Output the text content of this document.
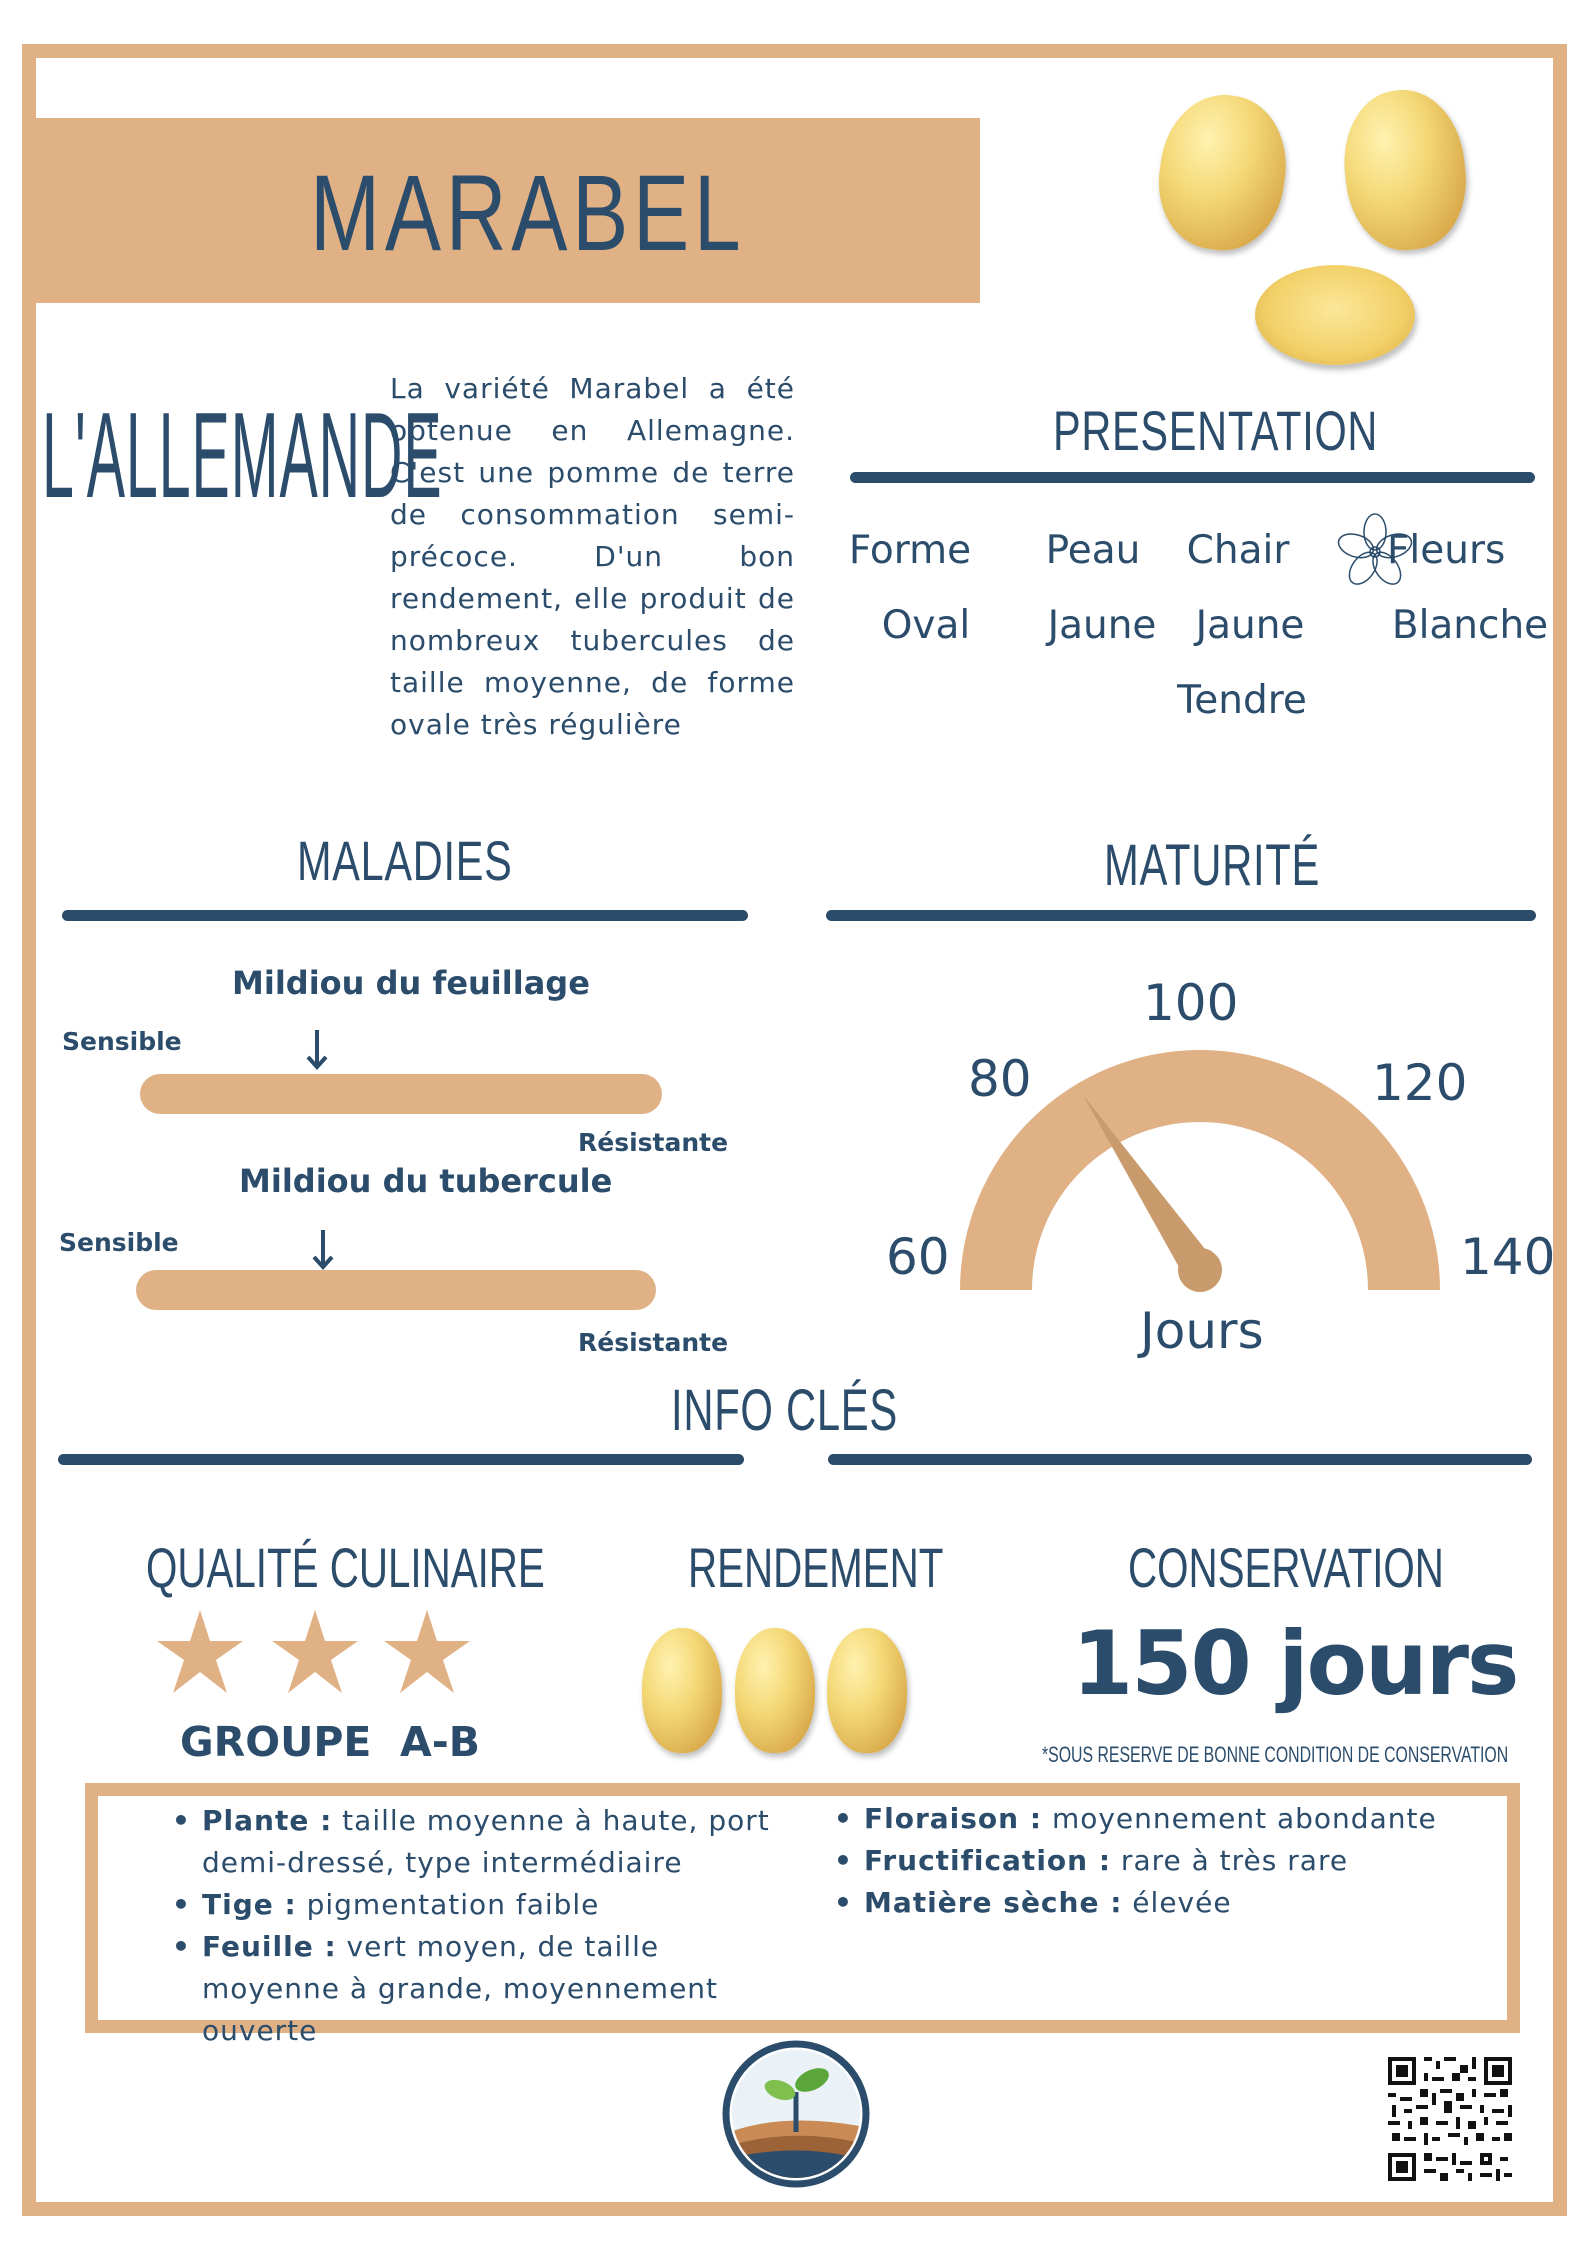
MARABEL
L'ALLEMANDE
La variété Marabel a été obtenue en Allemagne. C'est une pomme de terre de consommation semi-précoce. D'un bon rendement, elle produit de nombreux tubercules de taille moyenne, de forme ovale très régulière
PRESENTATION
Forme
Oval
Peau
Jaune
Chair
Jaune
Tendre
Fleurs
Blanche
MALADIES
Mildiou du feuillage
Sensible
Résistante
Mildiou du tubercule
Sensible
Résistante
MATURITÉ
60
80
100
120
140
Jours
INFO CLÉS
QUALITÉ CULINAIRE
GROUPE  A-B
RENDEMENT	CONSERVATION
150 jours
*SOUS RESERVE DE BONNE CONDITION DE CONSERVATION
• Plante : taille moyenne à haute, port demi-dressé, type intermédiaire
• Tige : pigmentation faible
• Feuille : vert moyen, de taille moyenne à grande, moyennement ouverte
• Floraison : moyennement abondante
• Fructification : rare à très rare
• Matière sèche : élevée
